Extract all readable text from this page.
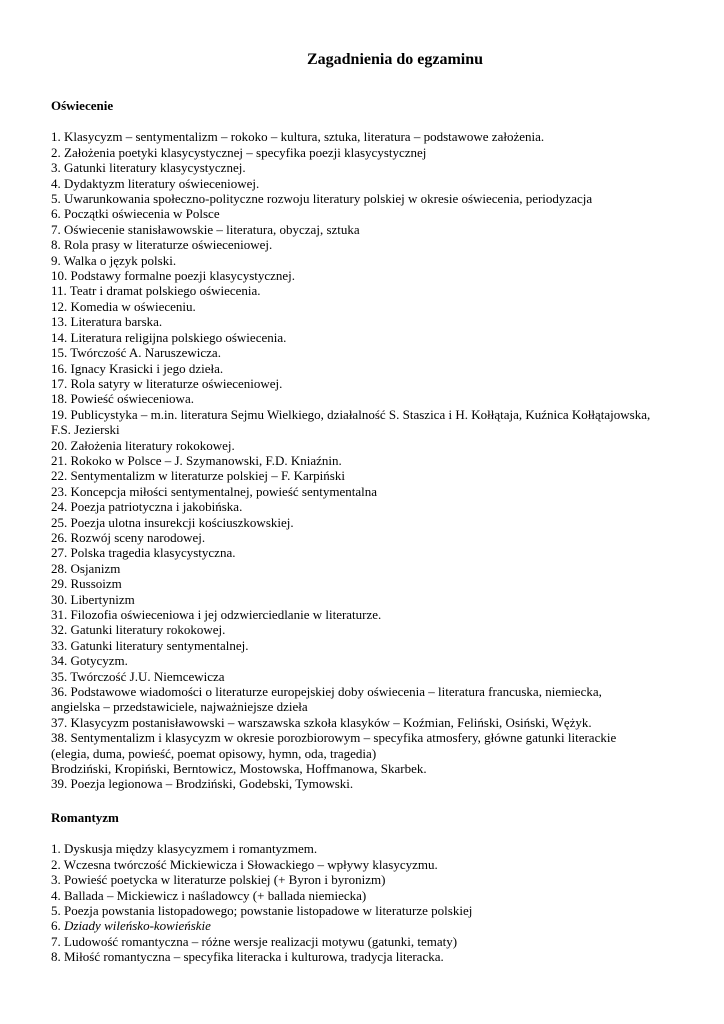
Zagadnienia do egzaminu
Oświecenie

1. Klasycyzm – sentymentalizm – rokoko – kultura, sztuka, literatura – podstawowe założenia.

2. Założenia poetyki klasycystycznej – specyfika poezji klasycystycznej

3. Gatunki literatury klasycystycznej.

4. Dydaktyzm literatury oświeceniowej.

5. Uwarunkowania społeczno-polityczne rozwoju literatury polskiej w okresie oświecenia, periodyzacja

6. Początki oświecenia w Polsce

7. Oświecenie stanisławowskie – literatura, obyczaj, sztuka

8. Rola prasy w literaturze oświeceniowej.

9. Walka o język polski.

10. Podstawy formalne poezji klasycystycznej.

11. Teatr i dramat polskiego oświecenia.

12. Komedia w oświeceniu.

13. Literatura barska.

14. Literatura religijna polskiego oświecenia.

15. Twórczość A. Naruszewicza.

16. Ignacy Krasicki i jego dzieła.

17. Rola satyry w literaturze oświeceniowej.

18. Powieść oświeceniowa.

19. Publicystyka – m.in. literatura Sejmu Wielkiego, działalność S. Staszica i H. Kołłątaja, Kuźnica Kołłątajowska,

F.S. Jezierski

20. Założenia literatury rokokowej.

21. Rokoko w Polsce – J. Szymanowski, F.D. Kniaźnin.

22. Sentymentalizm w literaturze polskiej – F. Karpiński

23. Koncepcja miłości sentymentalnej, powieść sentymentalna

24. Poezja patriotyczna i jakobińska.

25. Poezja ulotna insurekcji kościuszkowskiej.

26. Rozwój sceny narodowej.

27. Polska tragedia klasycystyczna.

28. Osjanizm

29. Russoizm

30. Libertynizm

31. Filozofia oświeceniowa i jej odzwierciedlanie w literaturze.

32. Gatunki literatury rokokowej.

33. Gatunki literatury sentymentalnej.

34. Gotycyzm.

35. Twórczość J.U. Niemcewicza

36. Podstawowe wiadomości o literaturze europejskiej doby oświecenia – literatura francuska, niemiecka,

angielska – przedstawiciele, najważniejsze dzieła

37. Klasycyzm postanisławowski – warszawska szkoła klasyków – Koźmian, Feliński, Osiński, Wężyk.

38. Sentymentalizm i klasycyzm w okresie porozbiorowym – specyfika atmosfery, główne gatunki literackie

(elegia, duma, powieść, poemat opisowy, hymn, oda, tragedia)

Brodziński, Kropiński, Berntowicz, Mostowska, Hoffmanowa, Skarbek.

39. Poezja legionowa – Brodziński, Godebski, Tymowski.

Romantyzm

1. Dyskusja między klasycyzmem i romantyzmem.

2. Wczesna twórczość Mickiewicza i Słowackiego – wpływy klasycyzmu.

3. Powieść poetycka w literaturze polskiej (+ Byron i byronizm)

4. Ballada – Mickiewicz i naśladowcy (+ ballada niemiecka)

5. Poezja powstania listopadowego; powstanie listopadowe w literaturze polskiej

6. Dziady wileńsko-kowieńskie

7. Ludowość romantyczna – różne wersje realizacji motywu (gatunki, tematy)

8. Miłość romantyczna – specyfika literacka i kulturowa, tradycja literacka.
